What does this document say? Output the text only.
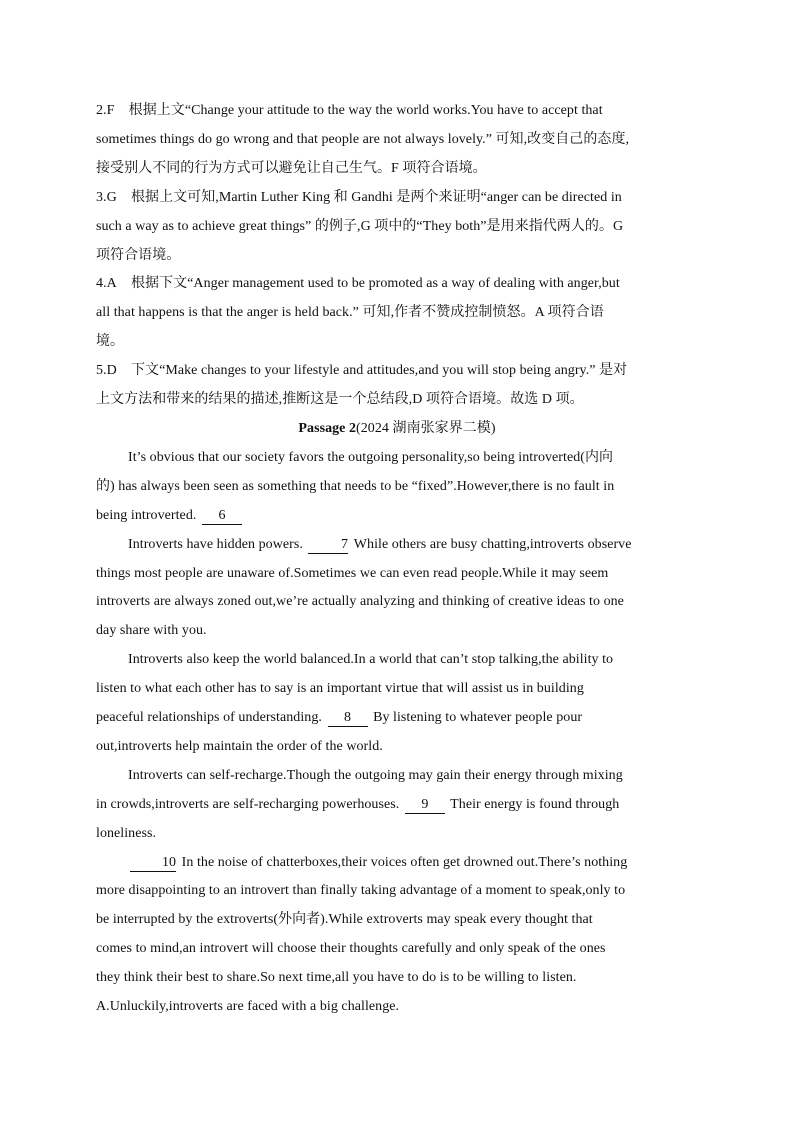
2.F 根据上文“Change your attitude to the way the world works.You have to accept that
sometimes things do go wrong and that people are not always lovely.” 可知,改变自己的态度,
接受别人不同的行为方式可以避免让自己生气。F 项符合语境。
3.G 根据上文可知,Martin Luther King 和 Gandhi 是两个来证明“anger can be directed in
such a way as to achieve great things” 的例子,G 项中的“They both”是用来指代两人的。G
项符合语境。
4.A 根据下文“Anger management used to be promoted as a way of dealing with anger,but
all that happens is that the anger is held back.” 可知,作者不赞成控制愤怒。A 项符合语
境。
5.D 下文“Make changes to your lifestyle and attitudes,and you will stop being angry.” 是对
上文方法和带来的结果的描述,推断这是一个总结段,D 项符合语境。故选 D 项。
Passage 2(2024 湖南张家界二模)
It’s obvious that our society favors the outgoing personality,so being introverted(内向
的) has always been seen as something that needs to be “fixed”.However,there is no fault in
being introverted. 6
Introverts have hidden powers.	7 While others are busy chatting,introverts observe
things most people are unaware of.Sometimes we can even read people.While it may seem
introverts are always zoned out,we’re actually analyzing and thinking of creative ideas to one
day share with you.
Introverts also keep the world balanced.In a world that can’t stop talking,the ability to
listen to what each other has to say is an important virtue that will assist us in building
peaceful relationships of understanding. 8 By listening to whatever people pour
out,introverts help maintain the order of the world.
Introverts can self-recharge.Though the outgoing may gain their energy through mixing
in crowds,introverts are self-recharging powerhouses. 9 Their energy is found through
loneliness.
10 In the noise of chatterboxes,their voices often get drowned out.There’s nothing
more disappointing to an introvert than finally taking advantage of a moment to speak,only to
be interrupted by the extroverts(外向者).While extroverts may speak every thought that
comes to mind,an introvert will choose their thoughts carefully and only speak of the ones
they think their best to share.So next time,all you have to do is to be willing to listen.
A.Unluckily,introverts are faced with a big challenge.
